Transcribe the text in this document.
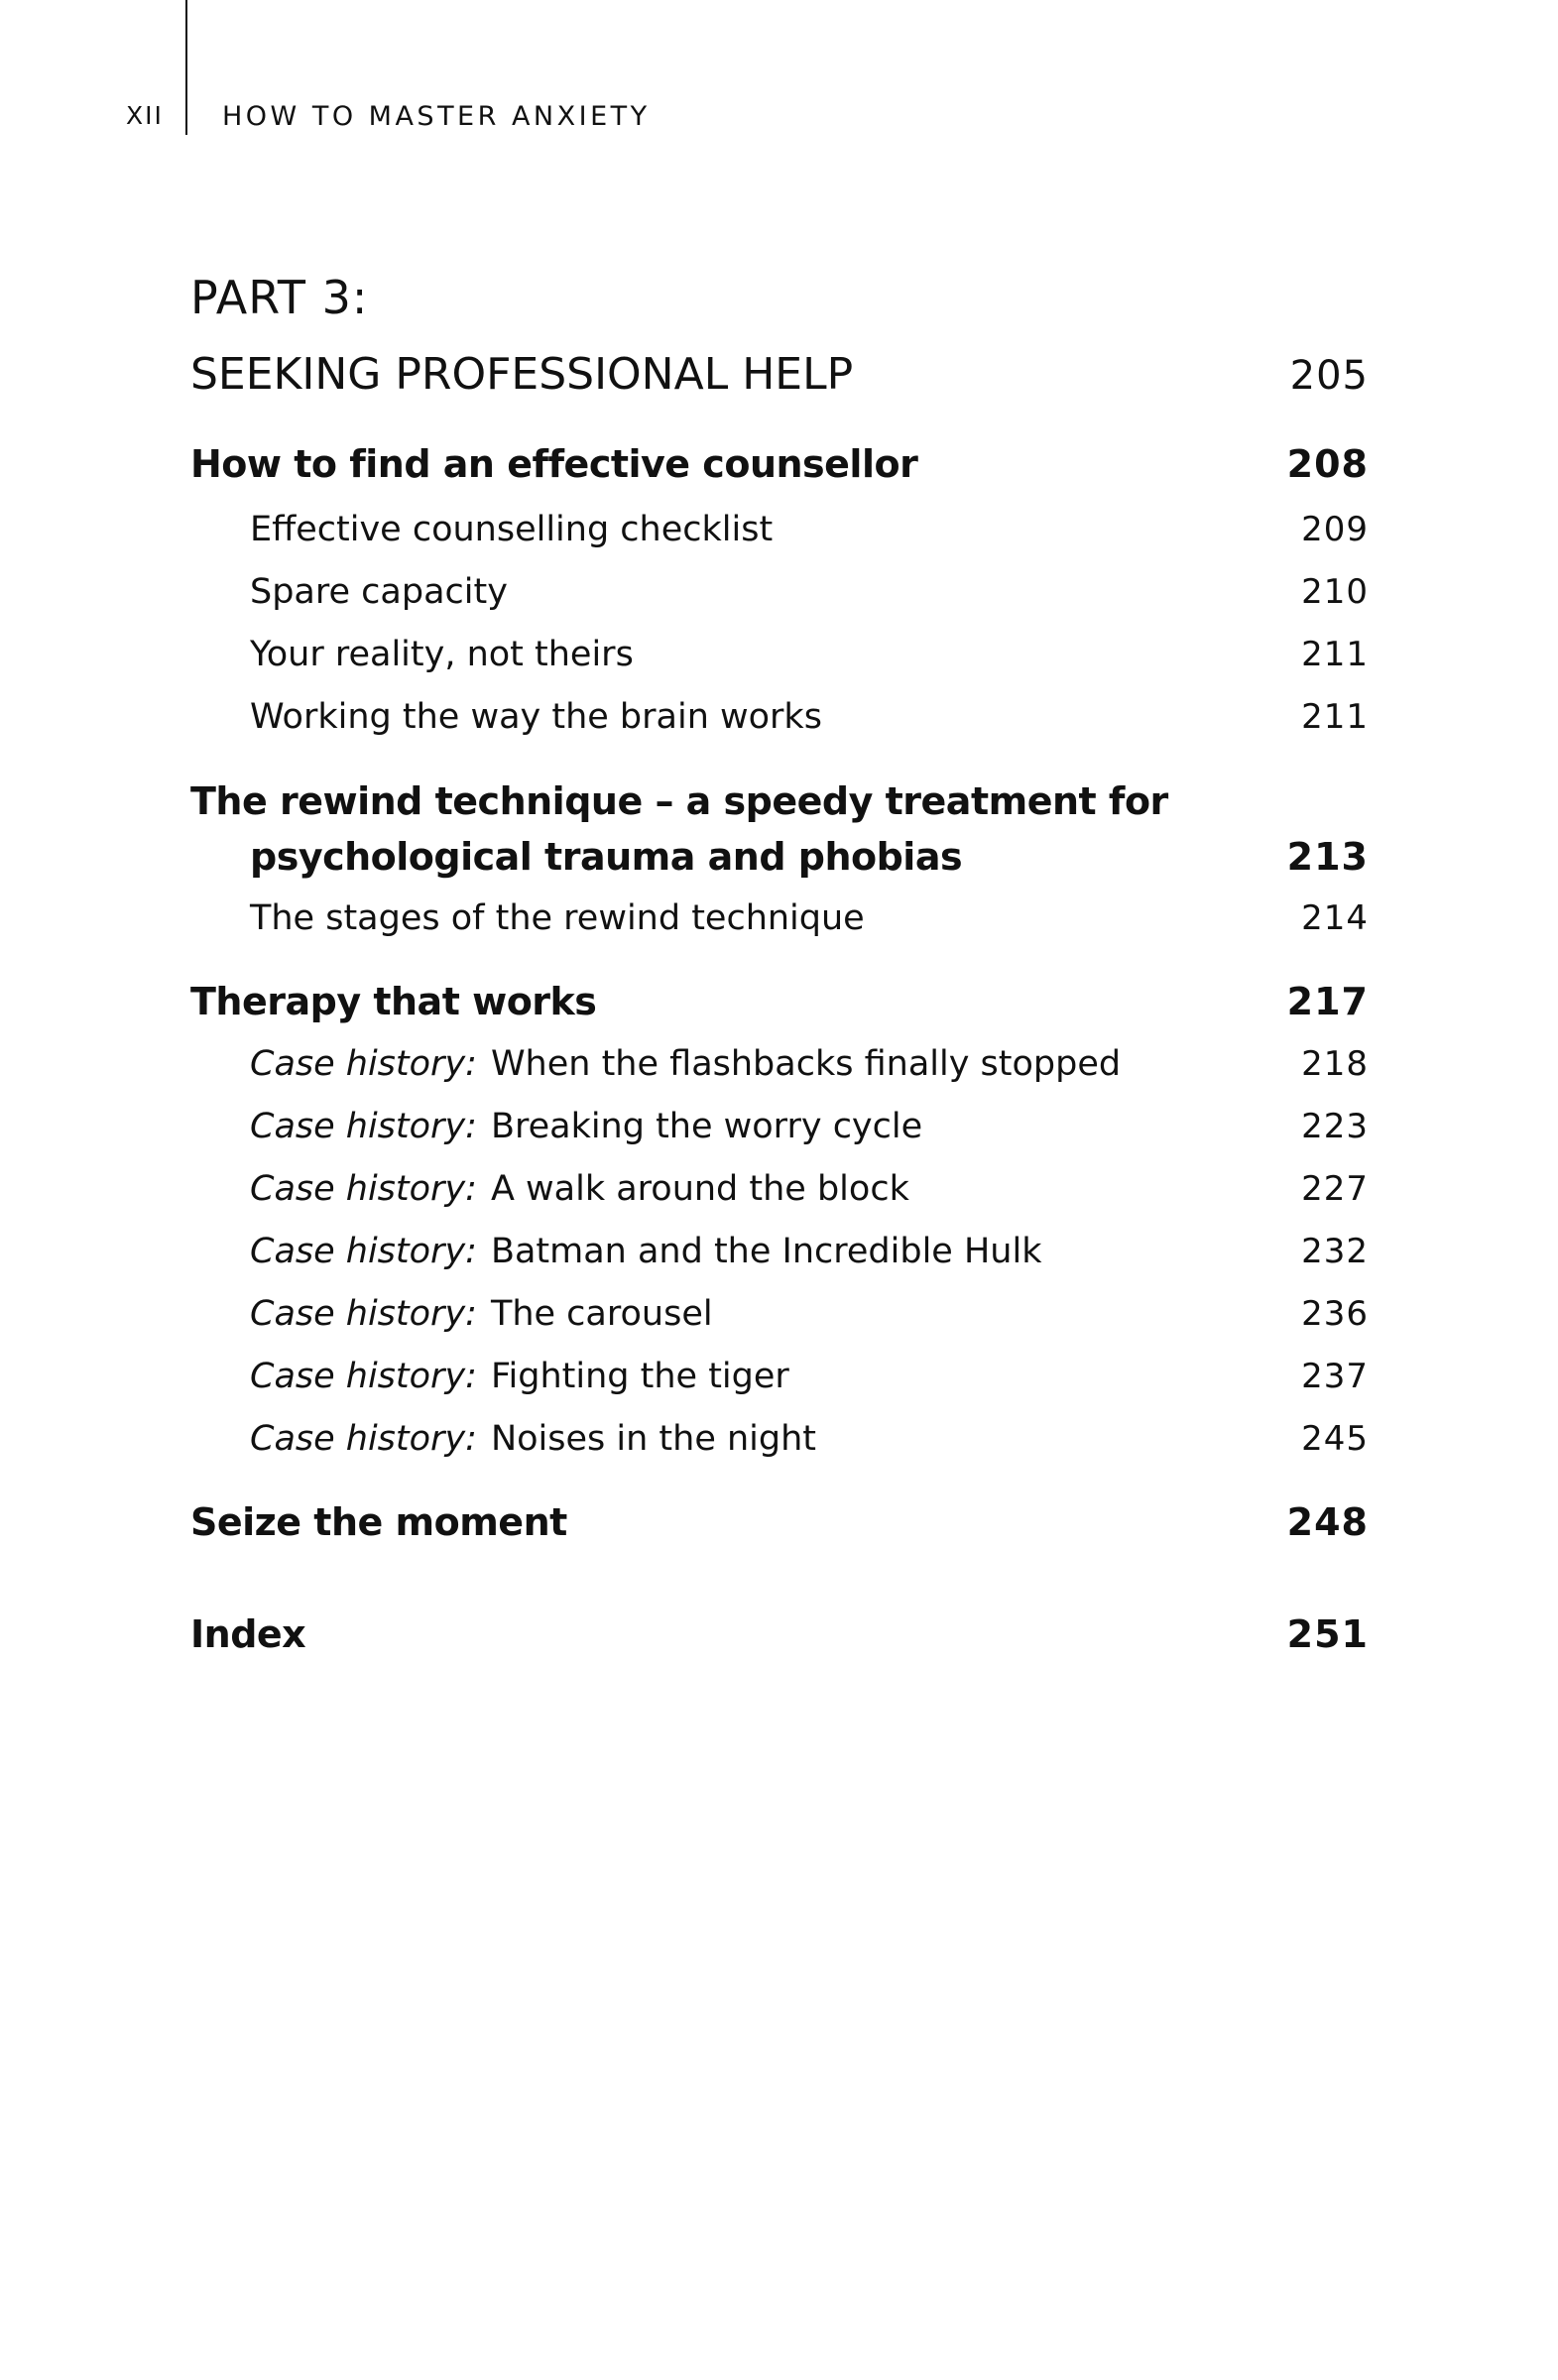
XII HOW TO MASTER ANXIETY
PART 3:
SEEKING PROFESSIONAL HELP	205
How to find an effective counsellor	208
Effective counselling checklist	209
Spare capacity	210
Your reality, not theirs	211
Working the way the brain works	211
The rewind technique – a speedy treatment for
psychological trauma and phobias	213
The stages of the rewind technique	214
Therapy that works	217
Case history: When the flashbacks finally stopped	218
Case history: Breaking the worry cycle	223
Case history: A walk around the block	227
Case history: Batman and the Incredible Hulk	232
Case history: The carousel	236
Case history: Fighting the tiger	237
Case history: Noises in the night	245
Seize the moment	248
Index	251
